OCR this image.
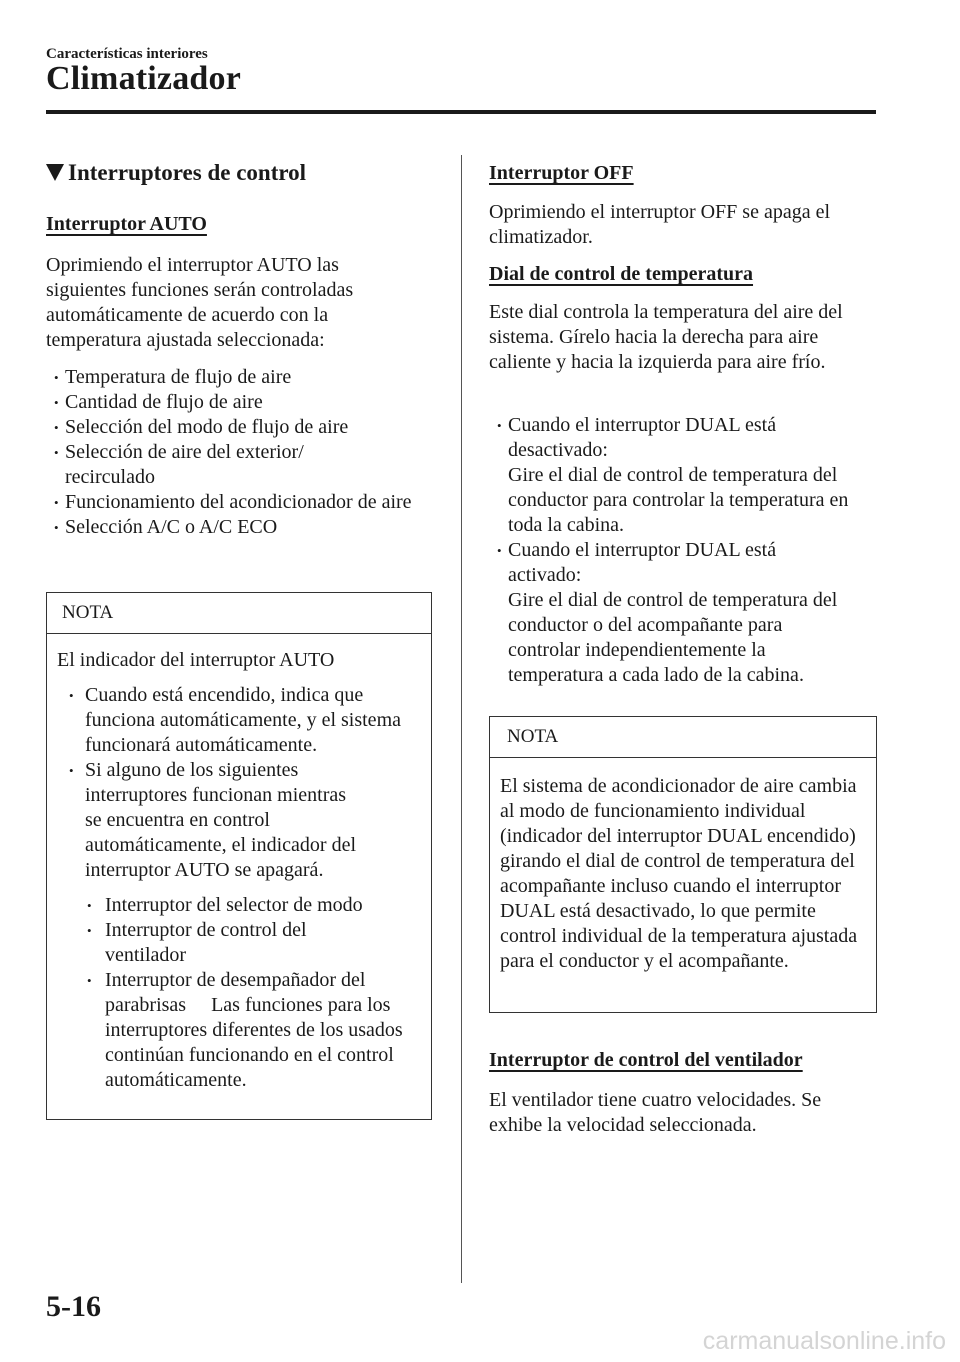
Características interiores
Climatizador
Interruptores de control
Interruptor AUTO
Oprimiendo el interruptor AUTO las siguientes funciones serán controladas automáticamente de acuerdo con la temperatura ajustada seleccionada:
• Temperatura de flujo de aire
• Cantidad de flujo de aire
• Selección del modo de flujo de aire
• Selección de aire del exterior/ recirculado
• Funcionamiento del acondicionador de aire
• Selección A/C o A/C ECO
NOTA
El indicador del interruptor AUTO
• Cuando está encendido, indica que funciona automáticamente, y el sistema funcionará automáticamente.
• Si alguno de los siguientes interruptores funcionan mientras se encuentra en control automáticamente, el indicador del interruptor AUTO se apagará.
• Interruptor del selector de modo
• Interruptor de control del ventilador
• Interruptor de desempañador del parabrisas     Las funciones para los interruptores diferentes de los usados continúan funcionando en el control automáticamente.
Interruptor OFF
Oprimiendo el interruptor OFF se apaga el climatizador.
Dial de control de temperatura
Este dial controla la temperatura del aire del sistema. Gírelo hacia la derecha para aire caliente y hacia la izquierda para aire frío.
• Cuando el interruptor DUAL está desactivado:
Gire el dial de control de temperatura del conductor para controlar la temperatura en toda la cabina.
• Cuando el interruptor DUAL está activado:
Gire el dial de control de temperatura del conductor o del acompañante para controlar independientemente la temperatura a cada lado de la cabina.
NOTA
El sistema de acondicionador de aire cambia al modo de funcionamiento individual (indicador del interruptor DUAL encendido) girando el dial de control de temperatura del acompañante incluso cuando el interruptor DUAL está desactivado, lo que permite control individual de la temperatura ajustada para el conductor y el acompañante.
Interruptor de control del ventilador
El ventilador tiene cuatro velocidades. Se exhibe la velocidad seleccionada.
5-16
carmanualsonline.info
